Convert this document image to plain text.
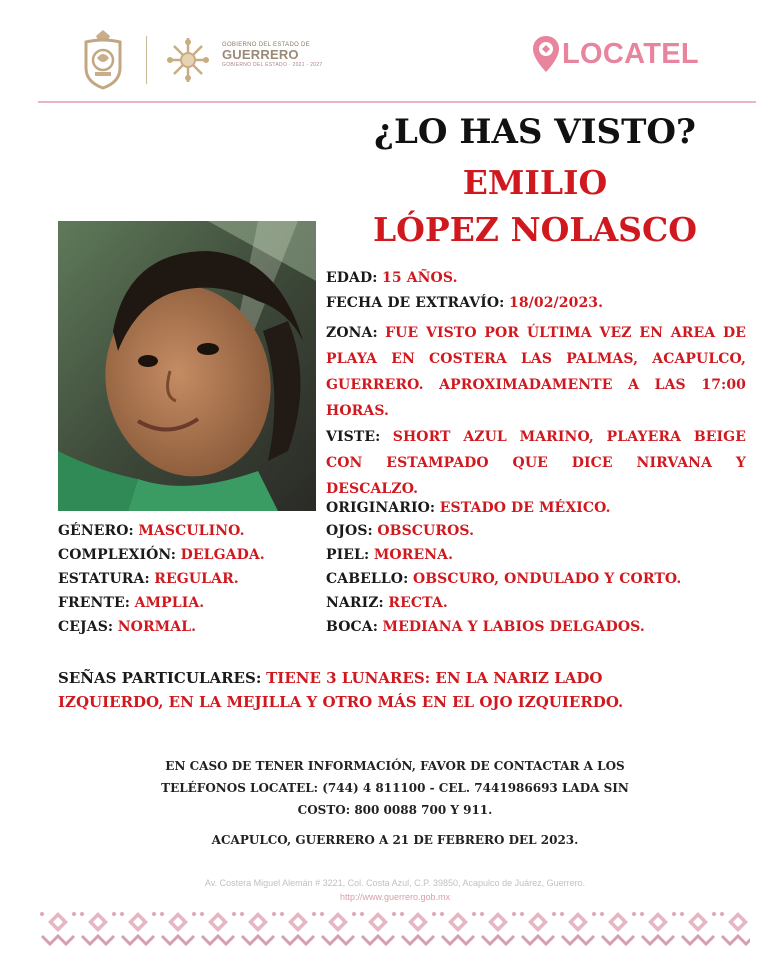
GOBIERNO DEL ESTADO DE
GUERRERO
GOBIERNO DEL ESTADO · 2021 - 2027	LOCATEL
¿LO HAS VISTO?
EMILIO
LÓPEZ NOLASCO
EDAD: 15 AÑOS.
FECHA DE EXTRAVÍO: 18/02/2023.
ZONA: FUE VISTO POR ÚLTIMA VEZ EN AREA DE PLAYA EN COSTERA LAS PALMAS, ACAPULCO, GUERRERO. APROXIMADAMENTE A LAS 17:00 HORAS.
VISTE: SHORT AZUL MARINO, PLAYERA BEIGE CON ESTAMPADO QUE DICE NIRVANA Y DESCALZO.
ORIGINARIO: ESTADO DE MÉXICO.
GÉNERO: MASCULINO.
COMPLEXIÓN: DELGADA.
ESTATURA: REGULAR.
FRENTE: AMPLIA.
CEJAS: NORMAL.
OJOS: OBSCUROS.
PIEL: MORENA.
CABELLO: OBSCURO, ONDULADO Y CORTO.
NARIZ: RECTA.
BOCA: MEDIANA Y LABIOS DELGADOS.
SEÑAS PARTICULARES: TIENE 3 LUNARES: EN LA NARIZ LADO IZQUIERDO, EN LA MEJILLA Y OTRO MÁS EN EL OJO IZQUIERDO.
EN CASO DE TENER INFORMACIÓN, FAVOR DE CONTACTAR A LOS
TELÉFONOS LOCATEL: (744) 4 811100 - CEL. 7441986693 LADA SIN
COSTO: 800 0088 700 Y 911.
ACAPULCO, GUERRERO A 21 DE FEBRERO DEL 2023.
Av. Costera Miguel Alemán # 3221, Col. Costa Azul, C.P. 39850, Acapulco de Juárez, Guerrero.
http://www.guerrero.gob.mx
